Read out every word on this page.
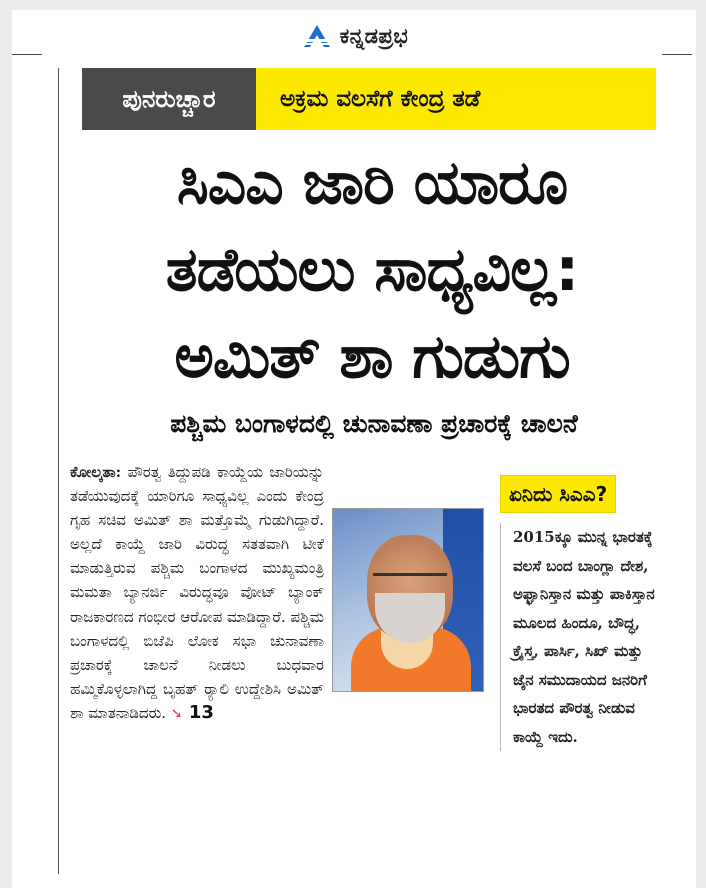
ಕನ್ನಡಪ್ರಭ
ಪುನರುಚ್ಚಾರ	ಅಕ್ರಮ ವಲಸೆಗೆ ಕೇಂದ್ರ ತಡೆ
ಸಿಎಎ ಜಾರಿ ಯಾರೂ
ತಡೆಯಲು ಸಾಧ್ಯವಿಲ್ಲ:
ಅಮಿತ್ ಶಾ ಗುಡುಗು
ಪಶ್ಚಿಮ ಬಂಗಾಳದಲ್ಲಿ ಚುನಾವಣಾ ಪ್ರಚಾರಕ್ಕೆ ಚಾಲನೆ
ಕೋಲ್ಕತಾ: ಪೌರತ್ವ ತಿದ್ದುಪಡಿ ಕಾಯ್ದೆಯ ಜಾರಿಯನ್ನು ತಡೆಯುವುದಕ್ಕೆ ಯಾರಿಗೂ ಸಾಧ್ಯವಿಲ್ಲ ಎಂದು ಕೇಂದ್ರ ಗೃಹ ಸಚಿವ ಅಮಿತ್ ಶಾ ಮತ್ತೊಮ್ಮೆ ಗುಡುಗಿದ್ದಾರೆ. ಅಲ್ಲದೆ ಕಾಯ್ದೆ ಜಾರಿ ವಿರುದ್ಧ ಸತತವಾಗಿ ಟೀಕೆ ಮಾಡುತ್ತಿರುವ ಪಶ್ಚಿಮ ಬಂಗಾಳದ ಮುಖ್ಯಮಂತ್ರಿ ಮಮತಾ ಬ್ಯಾನರ್ಜಿ ವಿರುದ್ಧವೂ ವೋಟ್ ಬ್ಯಾಂಕ್ ರಾಜಕಾರಣದ ಗಂಭೀರ ಆರೋಪ ಮಾಡಿದ್ದಾರೆ. ಪಶ್ಚಿಮ ಬಂಗಾಳದಲ್ಲಿ ಬಿಜೆಪಿ ಲೋಕ ಸಭಾ ಚುನಾವಣಾ ಪ್ರಚಾರಕ್ಕೆ ಚಾಲನೆ ನೀಡಲು ಬುಧವಾರ ಹಮ್ಮಿಕೊಳ್ಳಲಾಗಿದ್ದ ಬೃಹತ್ ರ್‍ಯಾಲಿ ಉದ್ದೇಶಿಸಿ ಅಮಿತ್ ಶಾ ಮಾತನಾಡಿದರು. ➘ 13
ಏನಿದು ಸಿಎಎ?
2015ಕ್ಕೂ ಮುನ್ನ ಭಾರತಕ್ಕೆ ವಲಸೆ ಬಂದ ಬಾಂಗ್ಲಾ ದೇಶ, ಅಫ್ಘಾನಿಸ್ತಾನ ಮತ್ತು ಪಾಕಿಸ್ತಾನ ಮೂಲದ ಹಿಂದೂ, ಬೌದ್ಧ, ಕ್ರೈಸ್ತ, ಪಾರ್ಸಿ, ಸಿಖ್ ಮತ್ತು ಜೈನ ಸಮುದಾಯದ ಜನರಿಗೆ ಭಾರತದ ಪೌರತ್ವ ನೀಡುವ ಕಾಯ್ದೆ ಇದು.
